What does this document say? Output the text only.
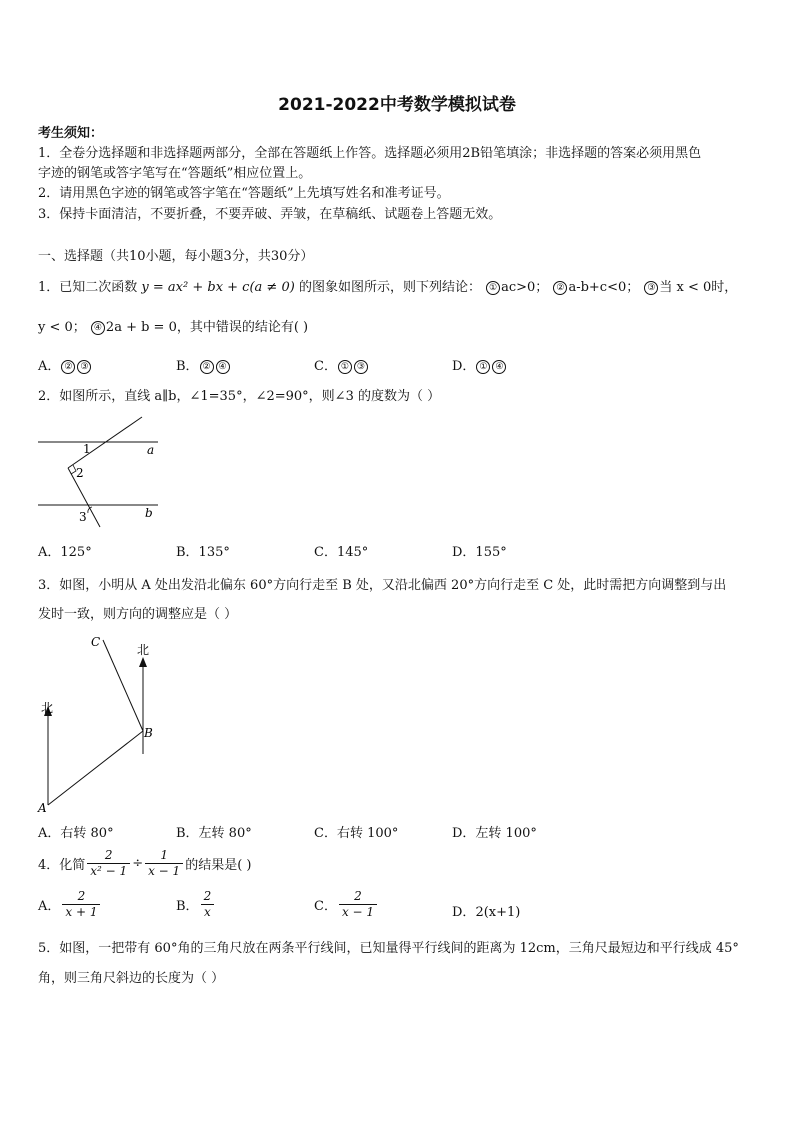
2021-2022中考数学模拟试卷
考生须知：
1．全卷分选择题和非选择题两部分，全部在答题纸上作答。选择题必须用2B铅笔填涂；非选择题的答案必须用黑色
字迹的钢笔或答字笔写在“答题纸”相应位置上。
2．请用黑色字迹的钢笔或答字笔在“答题纸”上先填写姓名和准考证号。
3．保持卡面清洁，不要折叠，不要弄破、弄皱，在草稿纸、试题卷上答题无效。
一、选择题（共10小题，每小题3分，共30分）
1．已知二次函数 y = ax² + bx + c(a ≠ 0) 的图象如图所示，则下列结论： ① ac>0； ② a-b+c<0； ③ 当 x < 0时，
y < 0； ④ 2a + b = 0，其中错误的结论有( )
A． ② ③	B． ② ④	C． ① ③	D． ① ④
2．如图所示，直线 a∥b，∠1=35°，∠2=90°，则∠3 的度数为（ ）
1
2
3
a
b
A．125°	B．135°	C．145°	D．155°
3．如图，小明从 A 处出发沿北偏东 60°方向行走至 B 处，又沿北偏西 20°方向行走至 C 处，此时需把方向调整到与出
发时一致，则方向的调整应是（ ）
北
北
A
B
C
A．右转 80°	B．左转 80°	C．右转 100°	D．左转 100°
4．化简 $\frac{2}{\text{x² − 1}} \div \frac{1}{x - 1}$ 的结果是( )
A． $\frac{2}{x + 1}$	B． $\frac{2}{x}$	C． $\frac{2}{x - 1}$	D．2(x+1)
5．如图，一把带有 60°角的三角尺放在两条平行线间，已知量得平行线间的距离为 12cm，三角尺最短边和平行线成 45°
角，则三角尺斜边的长度为（ ）
